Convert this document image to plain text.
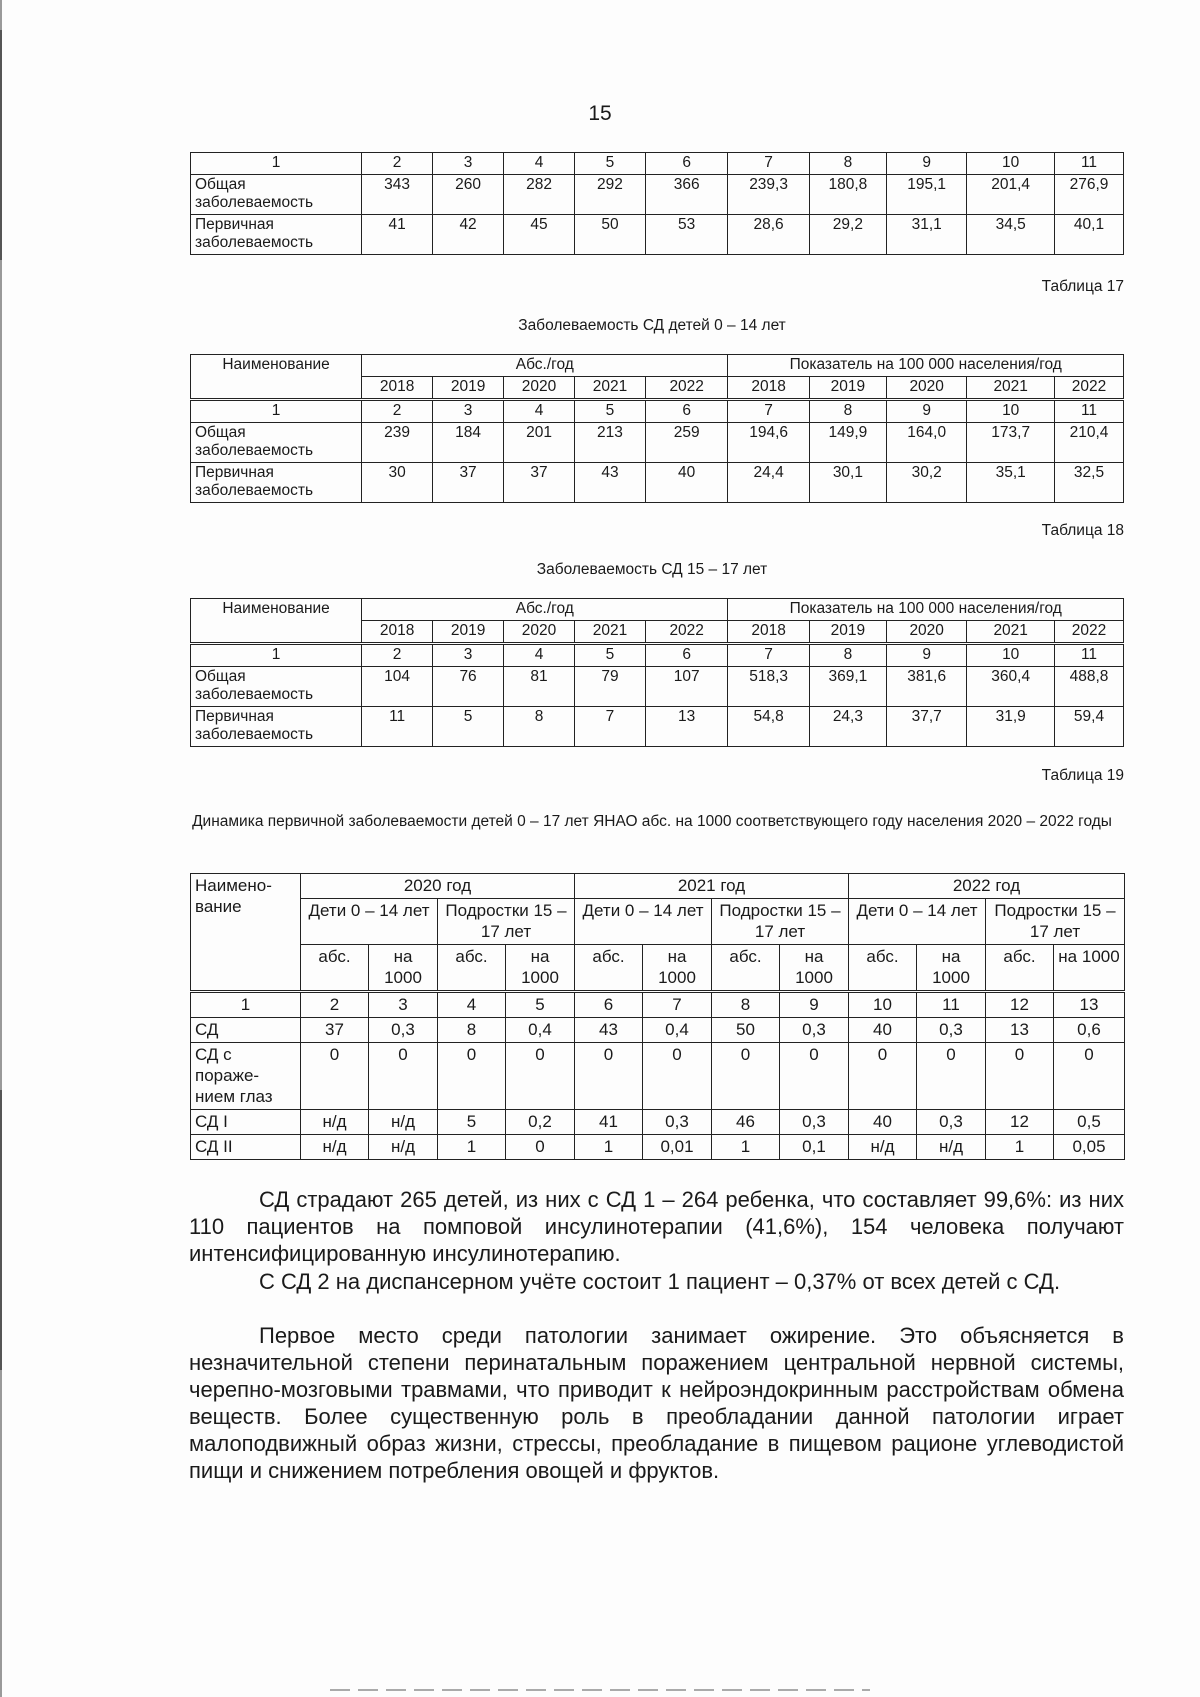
15
1	2	3	4	5	6	7	8	9	10	11
Общая заболеваемость	343	260	282	292	366	239,3	180,8	195,1	201,4	276,9
Первичная заболеваемость	41	42	45	50	53	28,6	29,2	31,1	34,5	40,1
Таблица 17
Заболеваемость СД детей 0 – 14 лет
Наименование	Абс./год					Показатель на 100 000 населения/год				
	2018	2019	2020	2021	2022	2018	2019	2020	2021	2022
1	2	3	4	5	6	7	8	9	10	11
Общая заболеваемость	239	184	201	213	259	194,6	149,9	164,0	173,7	210,4
Первичная заболеваемость	30	37	37	43	40	24,4	30,1	30,2	35,1	32,5
Таблица 18
Заболеваемость СД 15 – 17 лет
Наименование	Абс./год					Показатель на 100 000 населения/год				
	2018	2019	2020	2021	2022	2018	2019	2020	2021	2022
1	2	3	4	5	6	7	8	9	10	11
Общая заболеваемость	104	76	81	79	107	518,3	369,1	381,6	360,4	488,8
Первичная заболеваемость	11	5	8	7	13	54,8	24,3	37,7	31,9	59,4
Таблица 19
Динамика первичной заболеваемости детей 0 – 17 лет ЯНАО абс. на 1000 соответствующего году населения 2020 – 2022 годы
Наимено-вание	2020 год				2021 год				2022 год			
	Дети 0 – 14 лет		Подростки 15 – 17 лет		Дети 0 – 14 лет		Подростки 15 – 17 лет		Дети 0 – 14 лет		Подростки 15 – 17 лет	
	абс.	на 1000	абс.	на 1000	абс.	на 1000	абс.	на 1000	абс.	на 1000	абс.	на 1000
1	2	3	4	5	6	7	8	9	10	11	12	13
СД	37	0,3	8	0,4	43	0,4	50	0,3	40	0,3	13	0,6
СД с пораже-нием глаз	0	0	0	0	0	0	0	0	0	0	0	0
СД I	н/д	н/д	5	0,2	41	0,3	46	0,3	40	0,3	12	0,5
СД II	н/д	н/д	1	0	1	0,01	1	0,1	н/д	н/д	1	0,05

СД страдают 265 детей, из них с СД 1 – 264 ребенка, что составляет 99,6%: из них 110 пациентов на помповой инсулинотерапии (41,6%), 154 человека получают интенсифицированную инсулинотерапию.

С СД 2 на диспансерном учёте состоит 1 пациент – 0,37% от всех детей с СД.

Первое место среди патологии занимает ожирение. Это объясняется в незначительной степени перинатальным поражением центральной нервной системы, черепно-мозговыми травмами, что приводит к нейроэндокринным расстройствам обмена веществ. Более существенную роль в преобладании данной патологии играет малоподвижный образ жизни, стрессы, преобладание в пищевом рационе углеводистой пищи и снижением потребления овощей и фруктов.
